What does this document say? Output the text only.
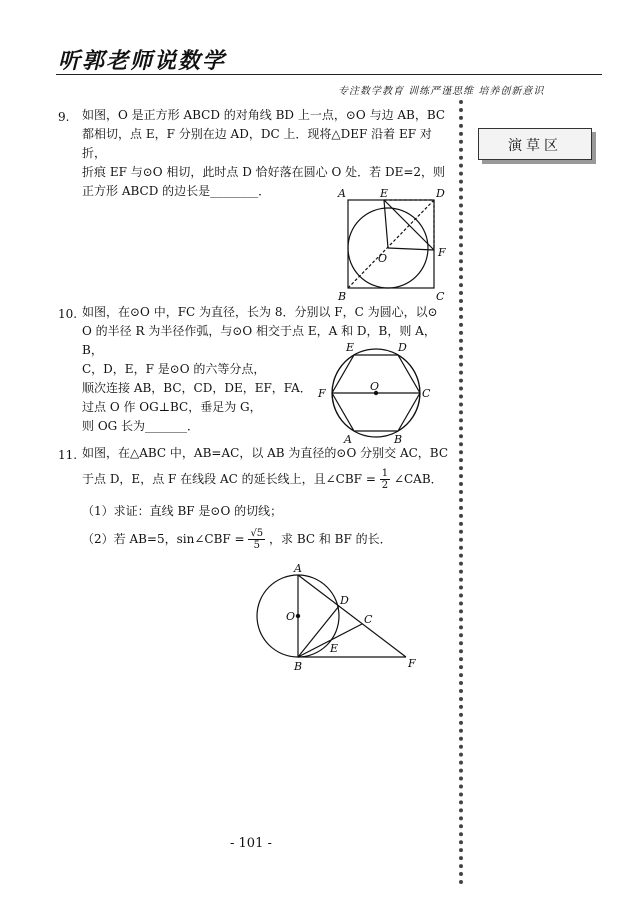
听郭老师说数学
专注数学教育 训练严谨思维 培养创新意识
演草区
9. 如图，O 是正方形 ABCD 的对角线 BD 上一点，⊙O 与边 AB，BC
都相切，点 E，F 分别在边 AD，DC 上．现将△DEF 沿着 EF 对折，
折痕 EF 与⊙O 相切，此时点 D 恰好落在圆心 O 处．若 DE=2，则
正方形 ABCD 的边长是________．	A	E	D
F
O
B	C
10. 如图，在⊙O 中，FC 为直径，长为 8．分别以 F，C 为圆心，以⊙
O 的半径 R 为半径作弧，与⊙O 相交于点 E，A 和 D，B，则 A，B，
C，D，E，F 是⊙O 的六等分点，
顺次连接 AB，BC，CD，DE，EF，FA．
过点 O 作 OG⊥BC，垂足为 G，
则 OG 长为_______．
E	D
F
O
C
A	B
11. 如图，在△ABC 中，AB=AC，以 AB 为直径的⊙O 分别交 AC，BC
于点 D，E，点 F 在线段 AC 的延长线上，且∠CBF = $\frac{1}{2}$ ∠CAB．
（1）求证：直线 BF 是⊙O 的切线；
（2）若 AB=5，sin∠CBF = $\frac{√5}{5}$ ，求 BC 和 BF 的长．
A
D
C
O
E
B	F
- 101 -
